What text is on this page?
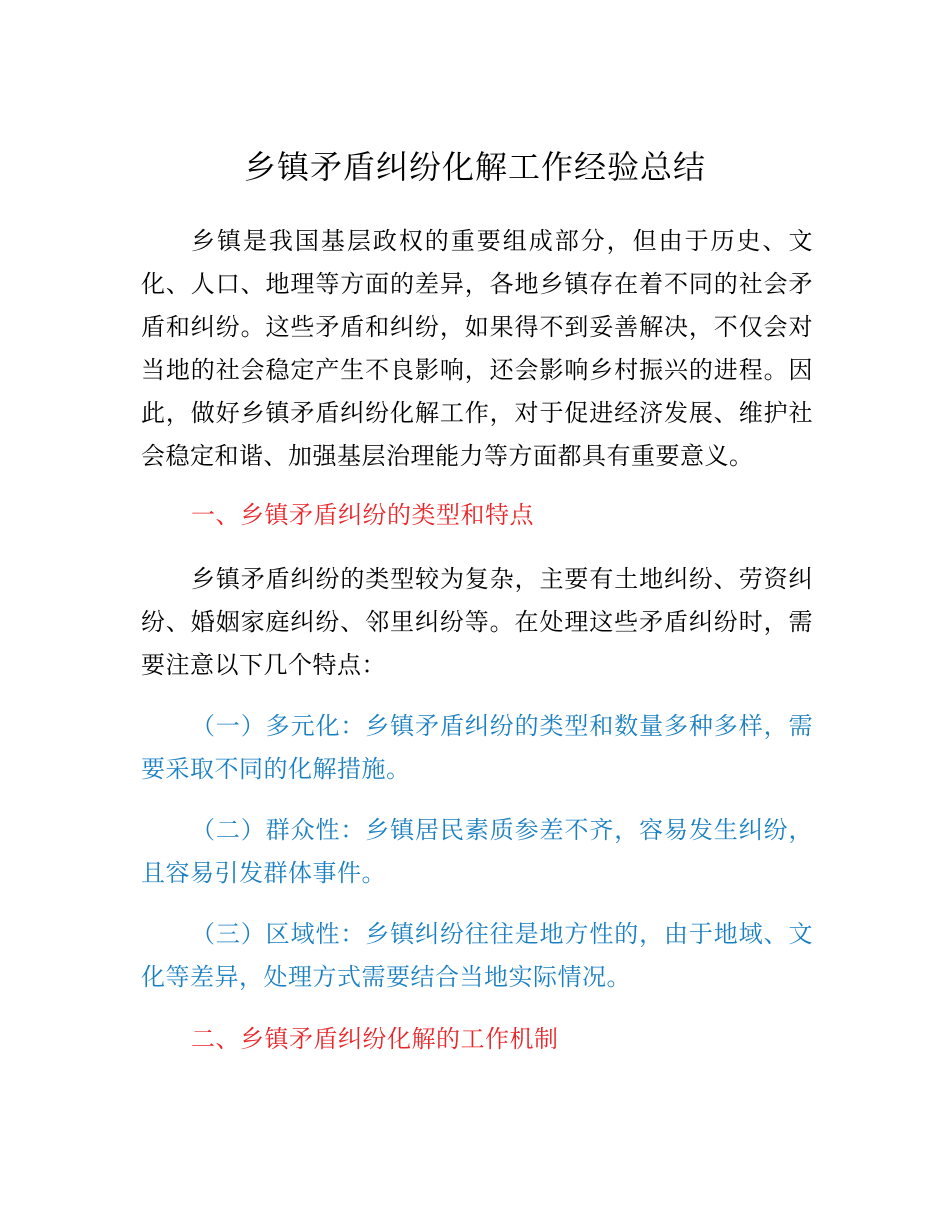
乡镇矛盾纠纷化解工作经验总结

乡镇是我国基层政权的重要组成部分，但由于历史、文化、人口、地理等方面的差异，各地乡镇存在着不同的社会矛盾和纠纷。这些矛盾和纠纷，如果得不到妥善解决，不仅会对当地的社会稳定产生不良影响，还会影响乡村振兴的进程。因此，做好乡镇矛盾纠纷化解工作，对于促进经济发展、维护社会稳定和谐、加强基层治理能力等方面都具有重要意义。

一、乡镇矛盾纠纷的类型和特点

乡镇矛盾纠纷的类型较为复杂，主要有土地纠纷、劳资纠纷、婚姻家庭纠纷、邻里纠纷等。在处理这些矛盾纠纷时，需要注意以下几个特点：

（一）多元化：乡镇矛盾纠纷的类型和数量多种多样，需要采取不同的化解措施。

（二）群众性：乡镇居民素质参差不齐，容易发生纠纷，且容易引发群体事件。

（三）区域性：乡镇纠纷往往是地方性的，由于地域、文化等差异，处理方式需要结合当地实际情况。

二、乡镇矛盾纠纷化解的工作机制
